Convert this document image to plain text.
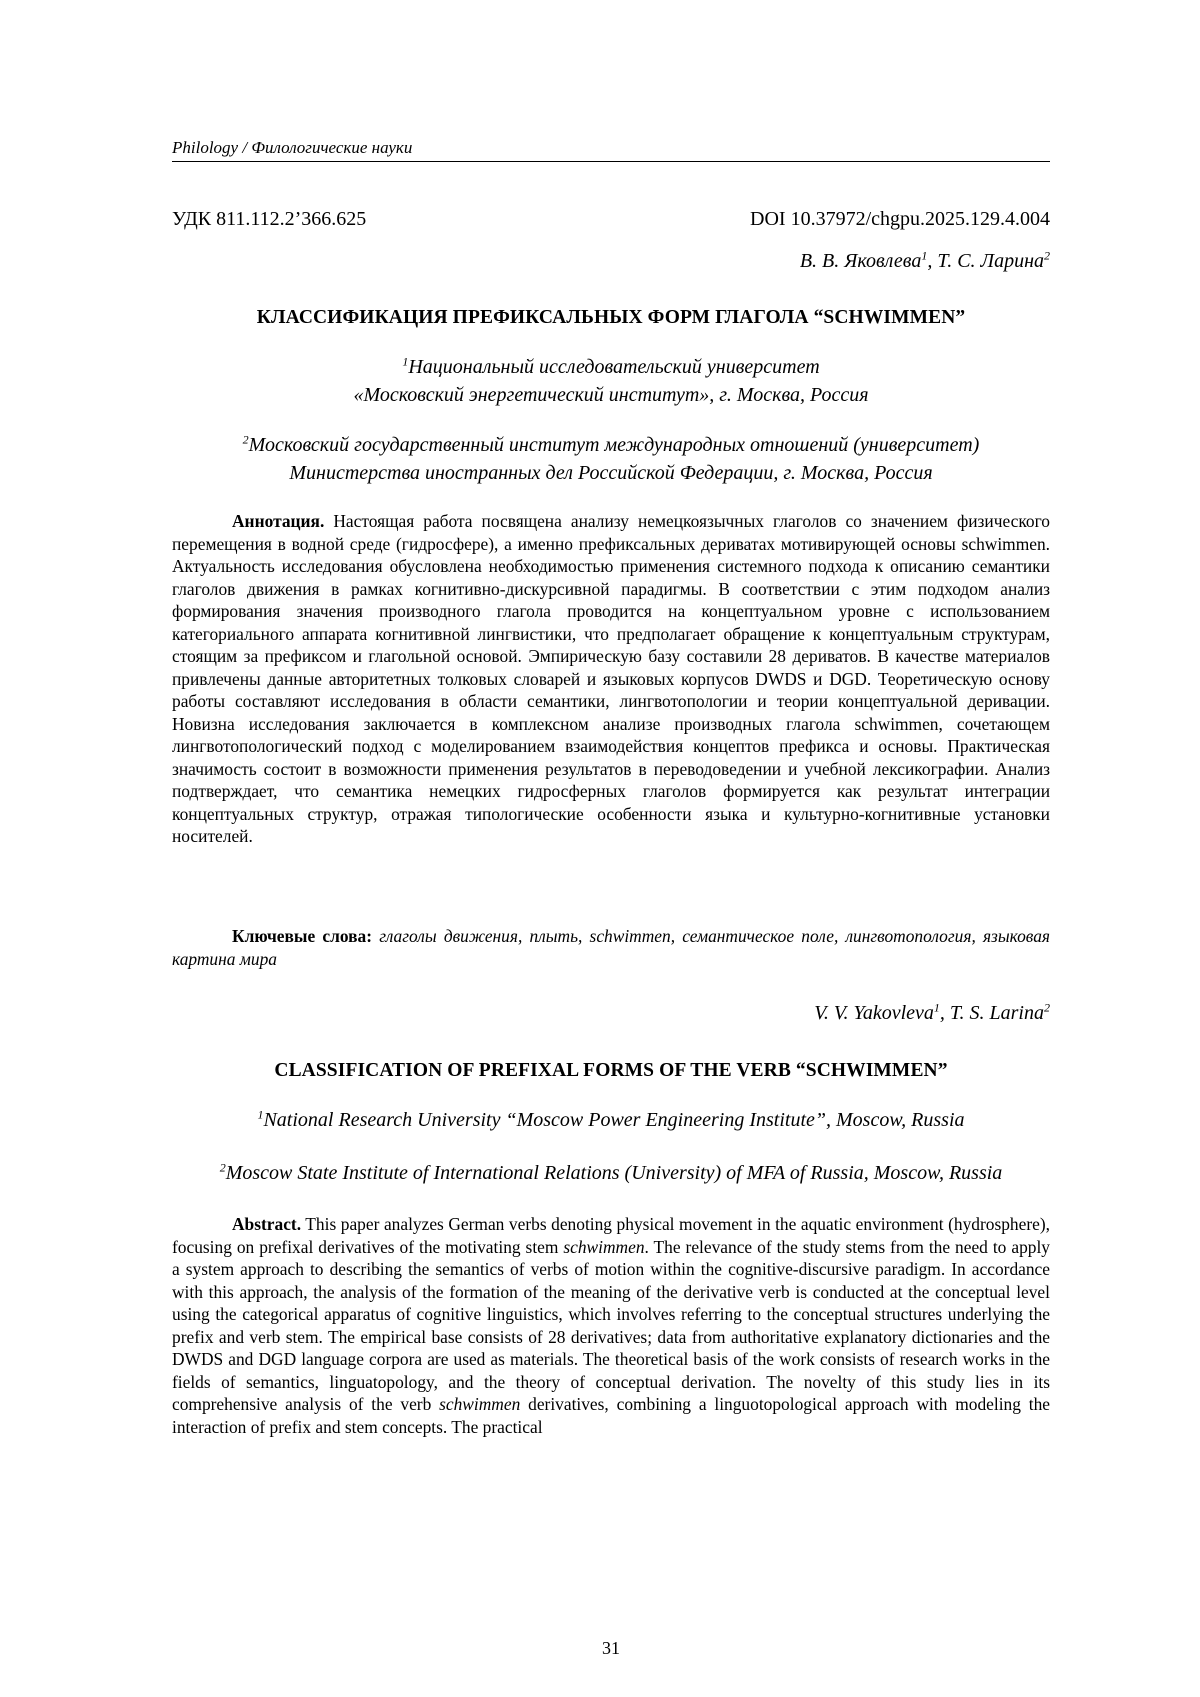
Philology / Филологические науки
УДК 811.112.2’366.625	DOI 10.37972/chgpu.2025.129.4.004
В. В. Яковлева$^1$, Т. С. Ларина$^2$
КЛАССИФИКАЦИЯ ПРЕФИКСАЛЬНЫХ ФОРМ ГЛАГОЛА “SCHWIMMEN”
$^1$Национальный исследовательский университет
«Московский энергетический институт», г. Москва, Россия
$^2$Московский государственный институт международных отношений (университет)
Министерства иностранных дел Российской Федерации, г. Москва, Россия
Аннотация. Настоящая работа посвящена анализу немецкоязычных глаголов со значением физического перемещения в водной среде (гидросфере), а именно префиксальных дериватах мотивирующей основы schwimmen. Актуальность исследования обусловлена необходимостью применения системного подхода к описанию семантики глаголов движения в рамках когнитивно-дискурсивной парадигмы. В соответствии с этим подходом анализ формирования значения производного глагола проводится на концептуальном уровне с использованием категориального аппарата когнитивной лингвистики, что предполагает обращение к концептуальным структурам, стоящим за префиксом и глагольной основой. Эмпирическую базу составили 28 дериватов. В качестве материалов привлечены данные авторитетных толковых словарей и языковых корпусов DWDS и DGD. Теоретическую основу работы составляют исследования в области семантики, лингвотопологии и теории концептуальной деривации. Новизна исследования заключается в комплексном анализе производных глагола schwimmen, сочетающем лингвотопологический подход с моделированием взаимодействия концептов префикса и основы. Практическая значимость состоит в возможности применения результатов в переводоведении и учебной лексикографии. Анализ подтверждает, что семантика немецких гидросферных глаголов формируется как результат интеграции концептуальных структур, отражая типологические особенности языка и культурно-когнитивные установки носителей.
Ключевые слова: глаголы движения, плыть, schwimmen, семантическое поле, лингвотопология, языковая картина мира
V. V. Yakovleva$^1$, T. S. Larina$^2$
CLASSIFICATION OF PREFIXAL FORMS OF THE VERB “SCHWIMMEN”
$^1$National Research University “Moscow Power Engineering Institute”, Moscow, Russia
$^2$Moscow State Institute of International Relations (University) of MFA of Russia, Moscow, Russia
Abstract. This paper analyzes German verbs denoting physical movement in the aquatic environment (hydrosphere), focusing on prefixal derivatives of the motivating stem schwimmen. The relevance of the study stems from the need to apply a system approach to describing the semantics of verbs of motion within the cognitive-discursive paradigm. In accordance with this approach, the analysis of the formation of the meaning of the derivative verb is conducted at the conceptual level using the categorical apparatus of cognitive linguistics, which involves referring to the conceptual structures underlying the prefix and verb stem. The empirical base consists of 28 derivatives; data from authoritative explanatory dictionaries and the DWDS and DGD language corpora are used as materials. The theoretical basis of the work consists of research works in the fields of semantics, linguatopology, and the theory of conceptual derivation. The novelty of this study lies in its comprehensive analysis of the verb schwimmen derivatives, combining a linguotopological approach with modeling the interaction of prefix and stem concepts. The practical
31
